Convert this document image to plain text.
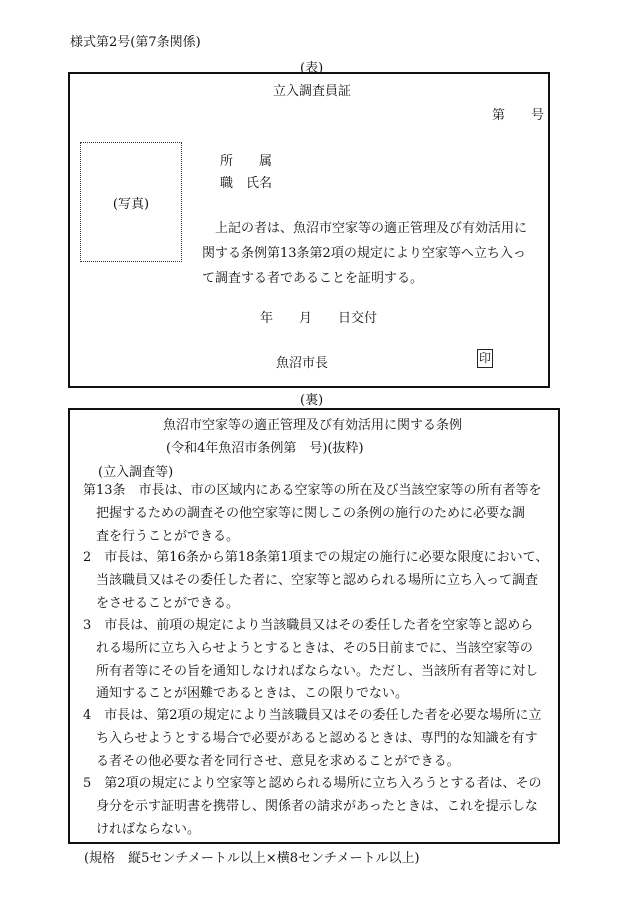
様式第2号(第7条関係)
(表)
立入調査員証
第　　号
(写真)
所　　属
職　氏名
　上記の者は、魚沼市空家等の適正管理及び有効活用に
関する条例第13条第2項の規定により空家等へ立ち入っ
て調査する者であることを証明する。
年　　月　　日交付
魚沼市長	印
(裏)
魚沼市空家等の適正管理及び有効活用に関する条例
(令和4年魚沼市条例第　号)(抜粋)
(立入調査等)
第13条　市長は、市の区域内にある空家等の所在及び当該空家等の所有者等を
　把握するための調査その他空家等に関しこの条例の施行のために必要な調
　査を行うことができる。
2　市長は、第16条から第18条第1項までの規定の施行に必要な限度において、
　当該職員又はその委任した者に、空家等と認められる場所に立ち入って調査
　をさせることができる。
3　市長は、前項の規定により当該職員又はその委任した者を空家等と認めら
　れる場所に立ち入らせようとするときは、その5日前までに、当該空家等の
　所有者等にその旨を通知しなければならない。ただし、当該所有者等に対し
　通知することが困難であるときは、この限りでない。
4　市長は、第2項の規定により当該職員又はその委任した者を必要な場所に立
　ち入らせようとする場合で必要があると認めるときは、専門的な知識を有す
　る者その他必要な者を同行させ、意見を求めることができる。
5　第2項の規定により空家等と認められる場所に立ち入ろうとする者は、その
　身分を示す証明書を携帯し、関係者の請求があったときは、これを提示しな
　ければならない。
(規格　縦5センチメートル以上×横8センチメートル以上)
